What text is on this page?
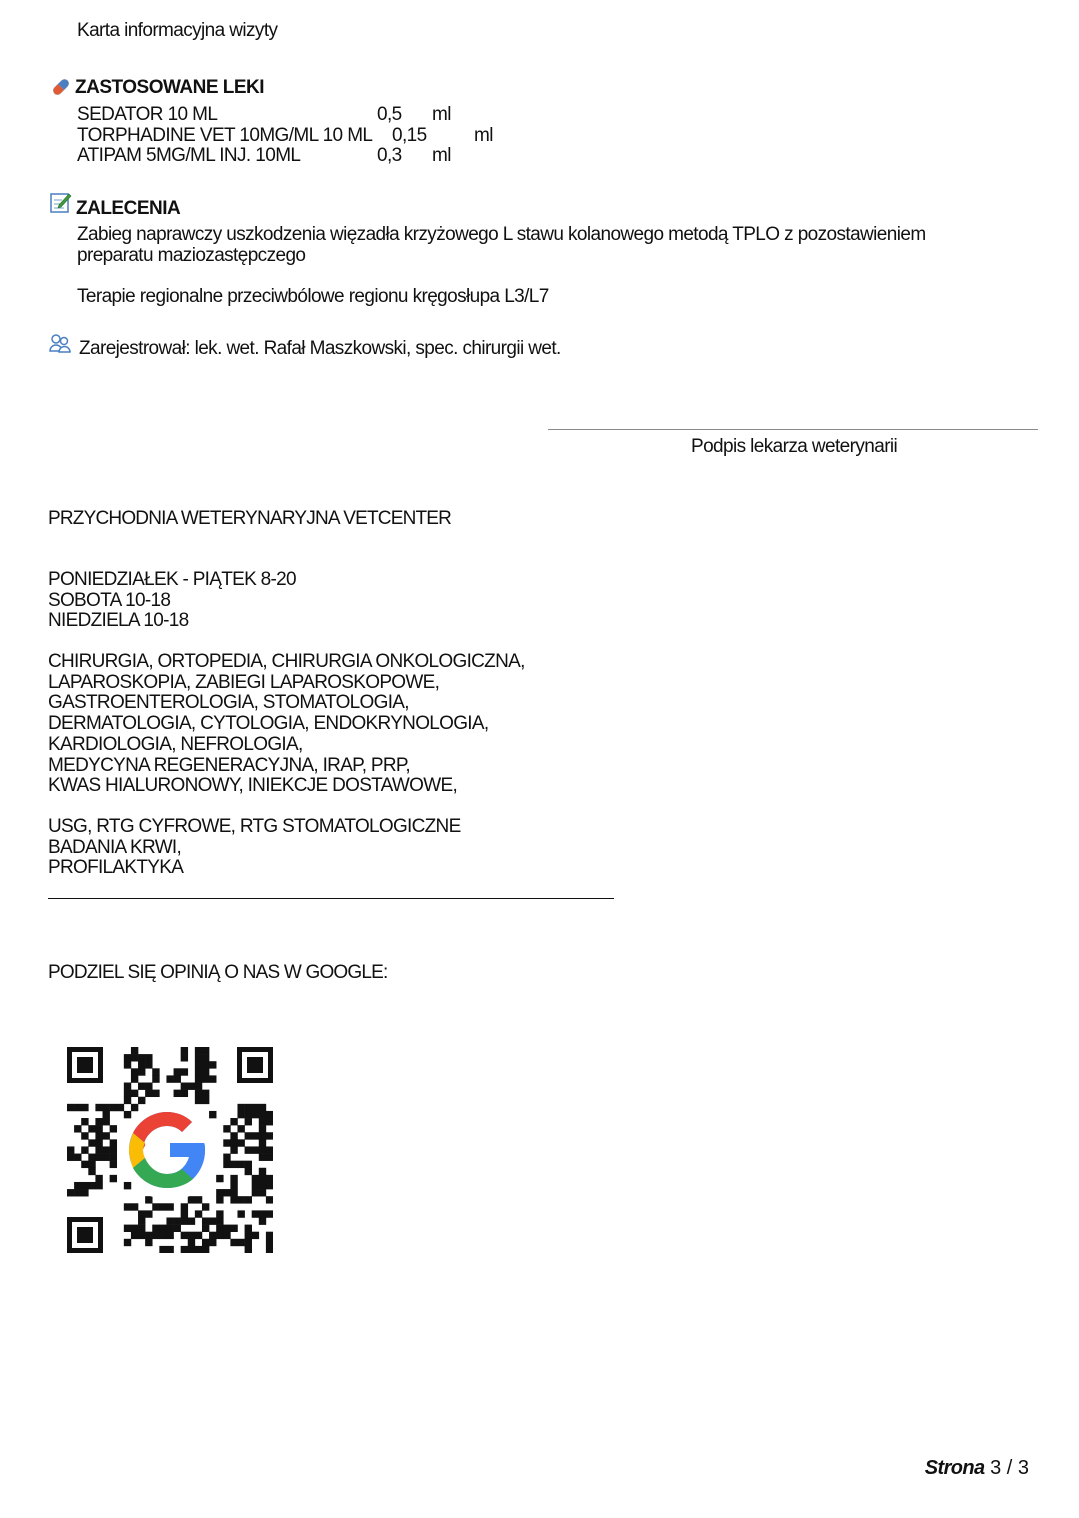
Karta informacyjna wizyty
ZASTOSOWANE LEKI
SEDATOR 10 ML	0,5 ml
TORPHADINE VET 10MG/ML 10 ML 0,15 ml
ATIPAM 5MG/ML INJ. 10ML	0,3 ml
ZALECENIA
Zabieg naprawczy uszkodzenia więzadła krzyżowego L stawu kolanowego metodą TPLO z pozostawieniem
preparatu maziozastępczego
Terapie regionalne przeciwbólowe regionu kręgosłupa L3/L7
Zarejestrował: lek. wet. Rafał Maszkowski, spec. chirurgii wet.
Podpis lekarza weterynarii
PRZYCHODNIA WETERYNARYJNA VETCENTER
PONIEDZIAŁEK - PIĄTEK 8-20
SOBOTA 10-18
NIEDZIELA 10-18
CHIRURGIA, ORTOPEDIA, CHIRURGIA ONKOLOGICZNA,
LAPAROSKOPIA, ZABIEGI LAPAROSKOPOWE,
GASTROENTEROLOGIA, STOMATOLOGIA,
DERMATOLOGIA, CYTOLOGIA, ENDOKRYNOLOGIA,
KARDIOLOGIA, NEFROLOGIA,
MEDYCYNA REGENERACYJNA, IRAP, PRP,
KWAS HIALURONOWY, INIEKCJE DOSTAWOWE,
USG, RTG CYFROWE, RTG STOMATOLOGICZNE
BADANIA KRWI,
PROFILAKTYKA
PODZIEL SIĘ OPINIĄ O NAS W GOOGLE:
Strona 3 / 3
